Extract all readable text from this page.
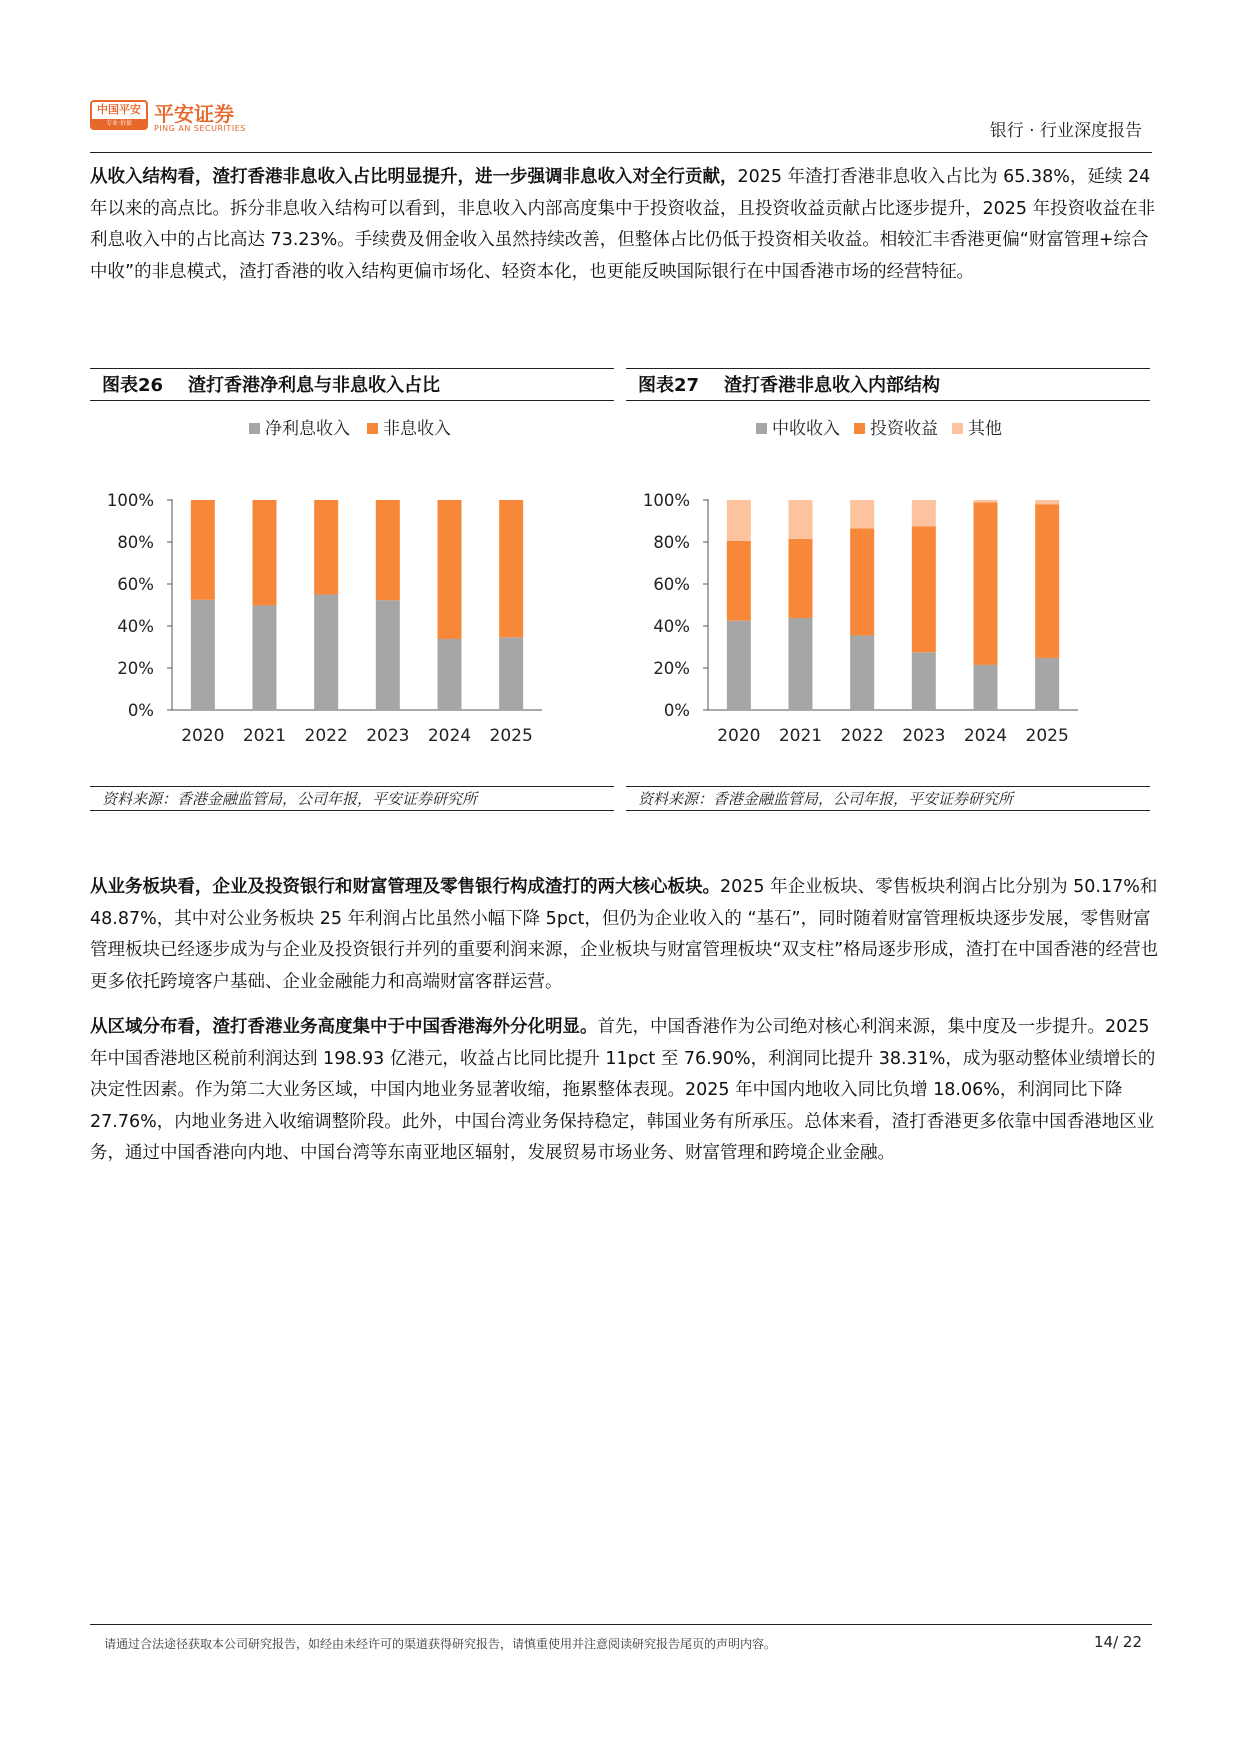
中国平安
专业·价值	平安证券
PING AN SECURITIES	银行 · 行业深度报告
从收入结构看，渣打香港非息收入占比明显提升，进一步强调非息收入对全行贡献，2025 年渣打香港非息收入占比为 65.38%，延续 24 年以来的高点比。拆分非息收入结构可以看到，非息收入内部高度集中于投资收益，且投资收益贡献占比逐步提升，2025 年投资收益在非利息收入中的占比高达 73.23%。手续费及佣金收入虽然持续改善，但整体占比仍低于投资相关收益。相较汇丰香港更偏“财富管理+综合中收”的非息模式，渣打香港的收入结构更偏市场化、轻资本化，也更能反映国际银行在中国香港市场的经营特征。
图表26 渣打香港净利息与非息收入占比
净利息收入 非息收入
0%
20%
40%
60%
80%
100%
2020 2021 2022 2023 2024 2025
资料来源：香港金融监管局，公司年报，平安证券研究所
图表27 渣打香港非息收入内部结构
中收收入 投资收益 其他
0%
20%
40%
60%
80%
100%
2020 2021 2022 2023 2024 2025
资料来源：香港金融监管局，公司年报，平安证券研究所
从业务板块看，企业及投资银行和财富管理及零售银行构成渣打的两大核心板块。2025 年企业板块、零售板块利润占比分别为 50.17%和 48.87%，其中对公业务板块 25 年利润占比虽然小幅下降 5pct，但仍为企业收入的 “基石”，同时随着财富管理板块逐步发展，零售财富管理板块已经逐步成为与企业及投资银行并列的重要利润来源，企业板块与财富管理板块“双支柱”格局逐步形成，渣打在中国香港的经营也更多依托跨境客户基础、企业金融能力和高端财富客群运营。
从区域分布看，渣打香港业务高度集中于中国香港海外分化明显。首先，中国香港作为公司绝对核心利润来源，集中度及一步提升。2025 年中国香港地区税前利润达到 198.93 亿港元，收益占比同比提升 11pct 至 76.90%，利润同比提升 38.31%，成为驱动整体业绩增长的决定性因素。作为第二大业务区域，中国内地业务显著收缩，拖累整体表现。2025 年中国内地收入同比负增 18.06%，利润同比下降 27.76%，内地业务进入收缩调整阶段。此外，中国台湾业务保持稳定，韩国业务有所承压。总体来看，渣打香港更多依靠中国香港地区业务，通过中国香港向内地、中国台湾等东南亚地区辐射，发展贸易市场业务、财富管理和跨境企业金融。
请通过合法途径获取本公司研究报告，如经由未经许可的渠道获得研究报告，请慎重使用并注意阅读研究报告尾页的声明内容。	14/ 22
